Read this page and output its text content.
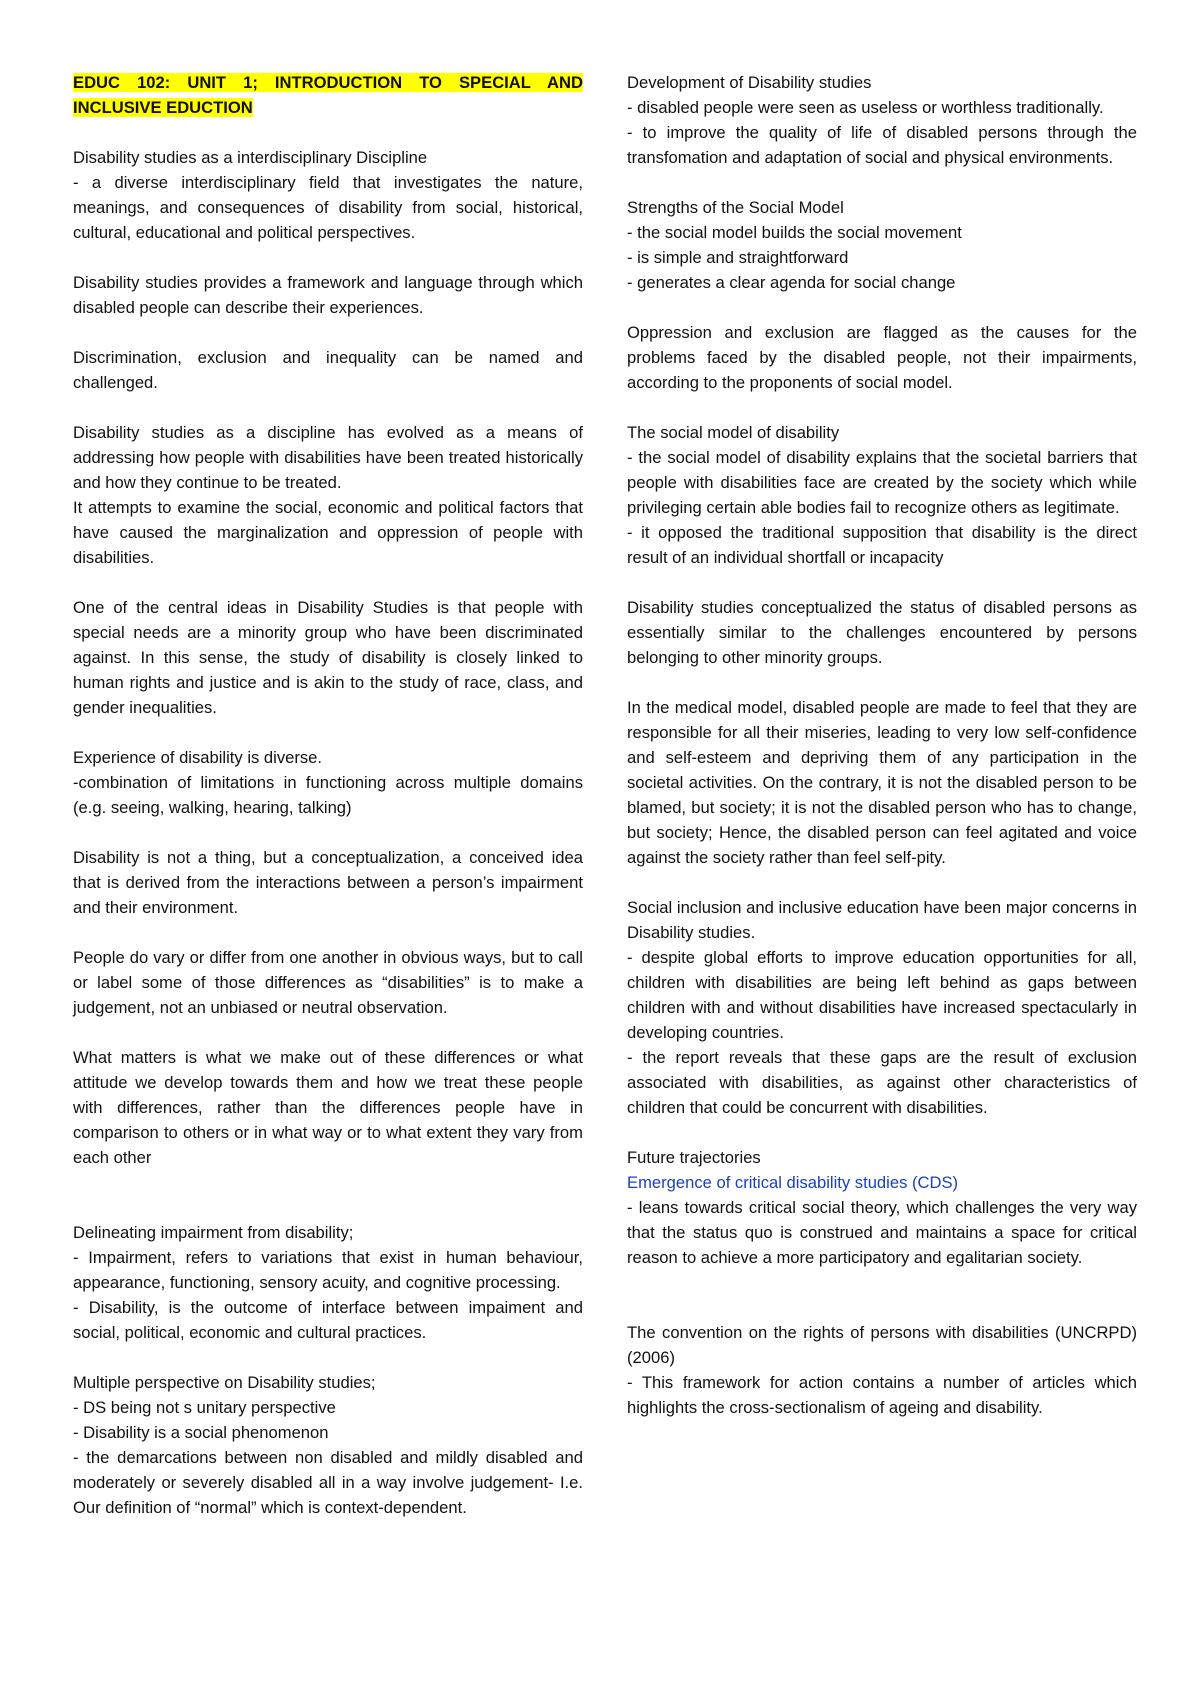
EDUC 102: UNIT 1; INTRODUCTION TO SPECIAL AND INCLUSIVE EDUCTION
Disability studies as a interdisciplinary Discipline
- a diverse interdisciplinary field that investigates the nature, meanings, and consequences of disability from social, historical, cultural, educational and political perspectives.
Disability studies provides a framework and language through which disabled people can describe their experiences.
Discrimination, exclusion and inequality can be named and challenged.
Disability studies as a discipline has evolved as a means of addressing how people with disabilities have been treated historically and how they continue to be treated.
It attempts to examine the social, economic and political factors that have caused the marginalization and oppression of people with disabilities.
One of the central ideas in Disability Studies is that people with special needs are a minority group who have been discriminated against. In this sense, the study of disability is closely linked to human rights and justice and is akin to the study of race, class, and gender inequalities.
Experience of disability is diverse.
-combination of limitations in functioning across multiple domains (e.g. seeing, walking, hearing, talking)
Disability is not a thing, but a conceptualization, a conceived idea that is derived from the interactions between a person’s impairment and their environment.
People do vary or differ from one another in obvious ways, but to call or label some of those differences as “disabilities” is to make a judgement, not an unbiased or neutral observation.
What matters is what we make out of these differences or what attitude we develop towards them and how we treat these people with differences, rather than the differences people have in comparison to others or in what way or to what extent they vary from each other
Delineating impairment from disability;
- Impairment, refers to variations that exist in human behaviour, appearance, functioning, sensory acuity, and cognitive processing.
- Disability, is the outcome of interface between impaiment and social, political, economic and cultural practices.
Multiple perspective on Disability studies;
- DS being not s unitary perspective
- Disability is a social phenomenon
- the demarcations between non disabled and mildly disabled and moderately or severely disabled all in a way involve judgement- I.e. Our definition of “normal” which is context-dependent.
Development of Disability studies
- disabled people were seen as useless or worthless traditionally.
- to improve the quality of life of disabled persons through the transfomation and adaptation of social and physical environments.
Strengths of the Social Model
- the social model builds the social movement
- is simple and straightforward
- generates a clear agenda for social change
Oppression and exclusion are flagged as the causes for the problems faced by the disabled people, not their impairments, according to the proponents of social model.
The social model of disability
- the social model of disability explains that the societal barriers that people with disabilities face are created by the society which while privileging certain able bodies fail to recognize others as legitimate.
- it opposed the traditional supposition that disability is the direct result of an individual shortfall or incapacity
Disability studies conceptualized the status of disabled persons as essentially similar to the challenges encountered by persons belonging to other minority groups.
In the medical model, disabled people are made to feel that they are responsible for all their miseries, leading to very low self-confidence and self-esteem and depriving them of any participation in the societal activities. On the contrary, it is not the disabled person to be blamed, but society; it is not the disabled person who has to change, but society; Hence, the disabled person can feel agitated and voice against the society rather than feel self-pity.
Social inclusion and inclusive education have been major concerns in Disability studies.
- despite global efforts to improve education opportunities for all, children with disabilities are being left behind as gaps between children with and without disabilities have increased spectacularly in developing countries.
- the report reveals that these gaps are the result of exclusion associated with disabilities, as against other characteristics of children that could be concurrent with disabilities.
Future trajectories
Emergence of critical disability studies (CDS)
- leans towards critical social theory, which challenges the very way that the status quo is construed and maintains a space for critical reason to achieve a more participatory and egalitarian society.
The convention on the rights of persons with disabilities (UNCRPD) (2006)
- This framework for action contains a number of articles which highlights the cross-sectionalism of ageing and disability.
